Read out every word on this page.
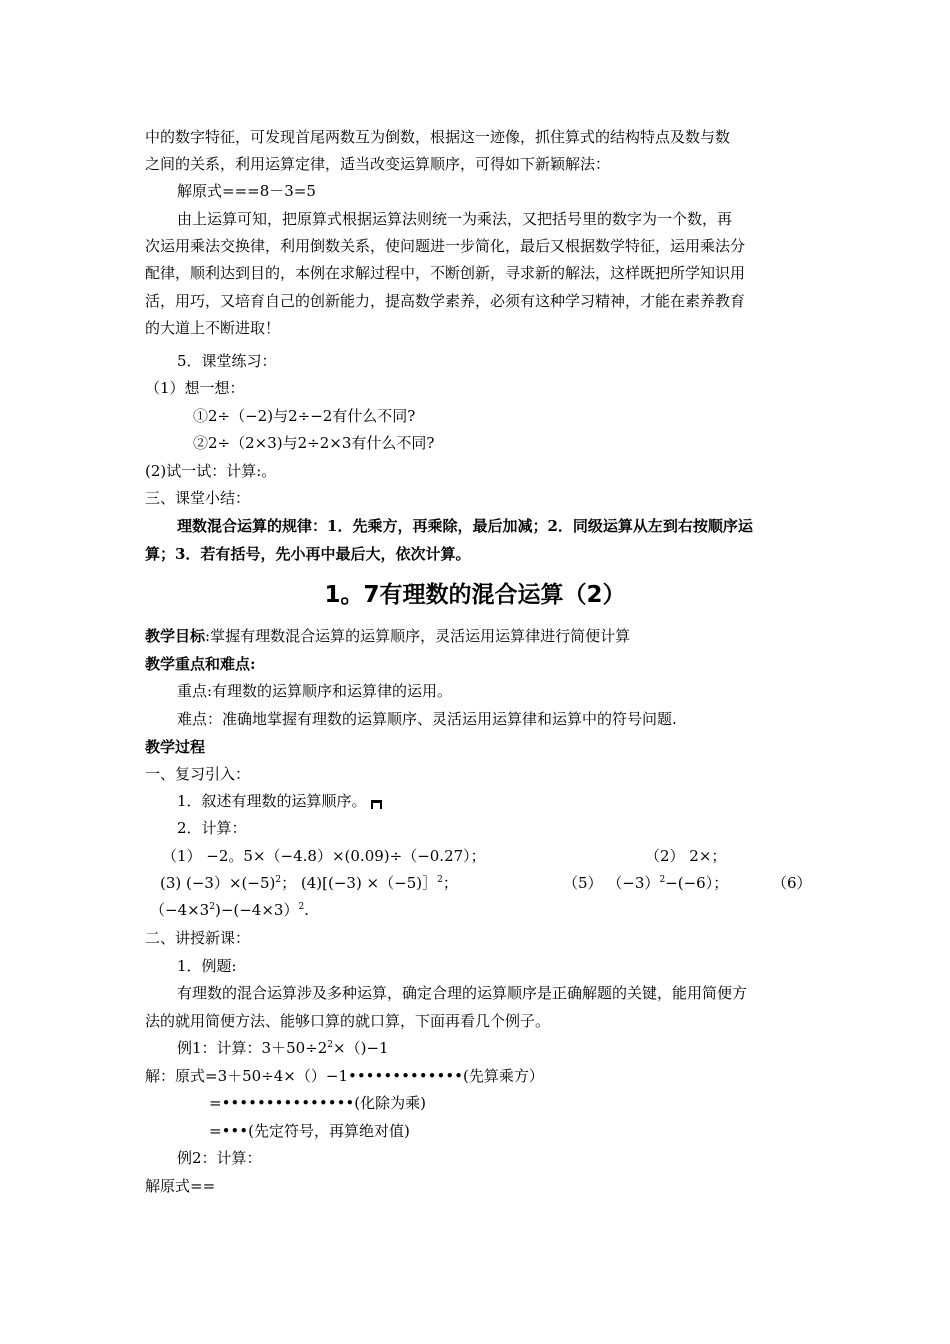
中的数字特征，可发现首尾两数互为倒数，根据这一迹像，抓住算式的结构特点及数与数
之间的关系，利用运算定律，适当改变运算顺序，可得如下新颖解法：
解原式===8－3=5
由上运算可知，把原算式根据运算法则统一为乘法，又把括号里的数字为一个数，再
次运用乘法交换律，利用倒数关系，使问题进一步简化，最后又根据数学特征，运用乘法分
配律，顺利达到目的，本例在求解过程中，不断创新，寻求新的解法，这样既把所学知识用
活，用巧，又培育自己的创新能力，提高数学素养，必须有这种学习精神，才能在素养教育
的大道上不断进取！
5．课堂练习：
（1）想一想：
①2÷（−2)与2÷−2有什么不同?
②2÷（2×3)与2÷2×3有什么不同?
(2)试一试：计算:。
三、课堂小结：
理数混合运算的规律：1．先乘方，再乘除，最后加减；2．同级运算从左到右按顺序运
算；3．若有括号，先小再中最后大，依次计算。
1。7有理数的混合运算（2）
教学目标:掌握有理数混合运算的运算顺序，灵活运用运算律进行简便计算
教学重点和难点:
重点:有理数的运算顺序和运算律的运用。
难点：准确地掌握有理数的运算顺序、灵活运用运算律和运算中的符号问题.
教学过程
一、复习引入：
1．叙述有理数的运算顺序。
2．计算：
（1） −2。5×（−4.8）×(0.09)÷（−0.27）；	（2） 2×；
(3) $(-3)\times(-5)^2$； (4)[(−3) ×（−5)］$^2$；	（5） $(-3)^2-(-6)$；	（6）
$(-4\times 3^2)-(-4\times 3)^2$.
二、讲授新课：
1．例题:
有理数的混合运算涉及多种运算，确定合理的运算顺序是正确解题的关键，能用简便方
法的就用简便方法、能够口算的就口算，下面再看几个例子。
例1：计算：$3+50\div 2^2\times()-1$
解：原式=3＋50÷4×（）−1•••••••••••••(先算乘方）
=•••••••••••••••(化除为乘)
=•••(先定符号，再算绝对值)
例2：计算：
解原式==
